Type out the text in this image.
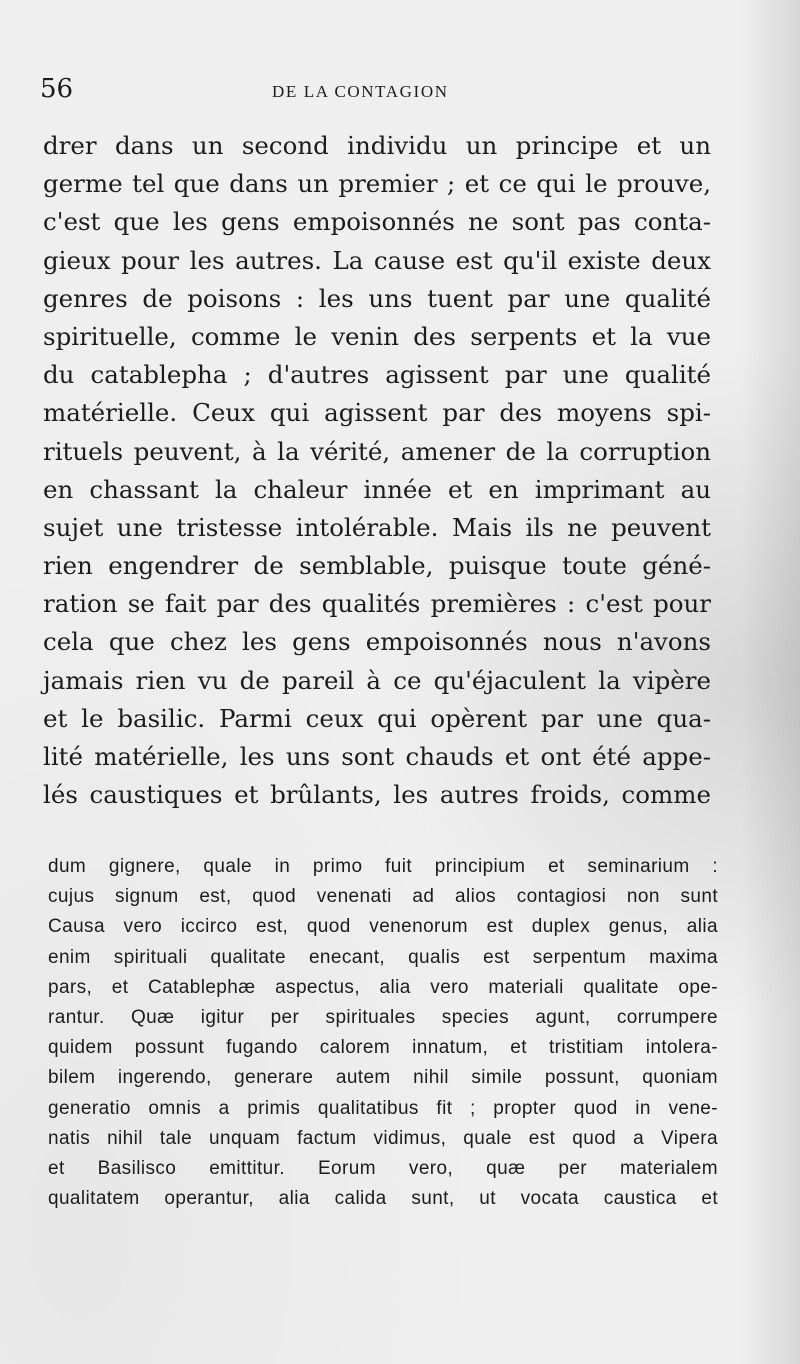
56	DE LA CONTAGION
drer dans un second individu un principe et un
germe tel que dans un premier ; et ce qui le prouve,
c'est que les gens empoisonnés ne sont pas conta-
gieux pour les autres. La cause est qu'il existe deux
genres de poisons : les uns tuent par une qualité
spirituelle, comme le venin des serpents et la vue
du catablepha ; d'autres agissent par une qualité
matérielle. Ceux qui agissent par des moyens spi-
rituels peuvent, à la vérité, amener de la corruption
en chassant la chaleur innée et en imprimant au
sujet une tristesse intolérable. Mais ils ne peuvent
rien engendrer de semblable, puisque toute géné-
ration se fait par des qualités premières : c'est pour
cela que chez les gens empoisonnés nous n'avons
jamais rien vu de pareil à ce qu'éjaculent la vipère
et le basilic. Parmi ceux qui opèrent par une qua-
lité matérielle, les uns sont chauds et ont été appe-
lés caustiques et brûlants, les autres froids, comme
dum gignere, quale in primo fuit principium et seminarium :
cujus signum est, quod venenati ad alios contagiosi non sunt
Causa vero iccirco est, quod venenorum est duplex genus, alia
enim spirituali qualitate enecant, qualis est serpentum maxima
pars, et Catablephæ aspectus, alia vero materiali qualitate ope-
rantur. Quæ igitur per spirituales species agunt, corrumpere
quidem possunt fugando calorem innatum, et tristitiam intolera-
bilem ingerendo, generare autem nihil simile possunt, quoniam
generatio omnis a primis qualitatibus fit ; propter quod in vene-
natis nihil tale unquam factum vidimus, quale est quod a Vipera
et Basilisco emittitur. Eorum vero, quæ per materialem
qualitatem operantur, alia calida sunt, ut vocata caustica et
